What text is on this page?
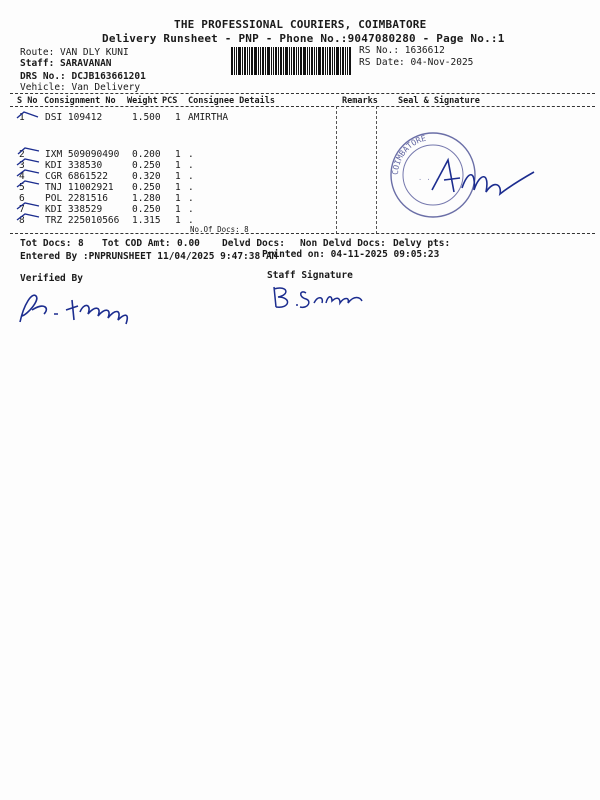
THE PROFESSIONAL COURIERS, COIMBATORE
Delivery Runsheet - PNP - Phone No.:9047080280 - Page No.:1
Route: VAN DLY KUNI
Staff: SARAVANAN
DRS No.: DCJB163661201
Vehicle: Van Delivery
RS No.: 1636612
RS Date: 04-Nov-2025
S No Consignment No Weight PCS Consignee Details	Remarks Seal & Signature
1 DSI 109412	1.500 1 AMIRTHA
2 IXM 509090490 0.200 1 .
3 KDI 338530	0.250 1 .
4 CGR 6861522	0.320 1 .
5 TNJ 11002921 0.250 1 .
6 POL 2281516	1.280 1 .
7 KDI 338529	0.250 1 .
8 TRZ 225010566 1.315 1 .
No.Of Docs: 8
COIMBATORE
· · · ·
Tot Docs: 8 Tot COD Amt: 0.00 Delvd Docs: Non Delvd Docs: Delvy pts:
Entered By :PNPRUNSHEET 11/04/2025 9:47:38 AM
Printed on: 04-11-2025 09:05:23
Verified By	Staff Signature
B. Saravanan
